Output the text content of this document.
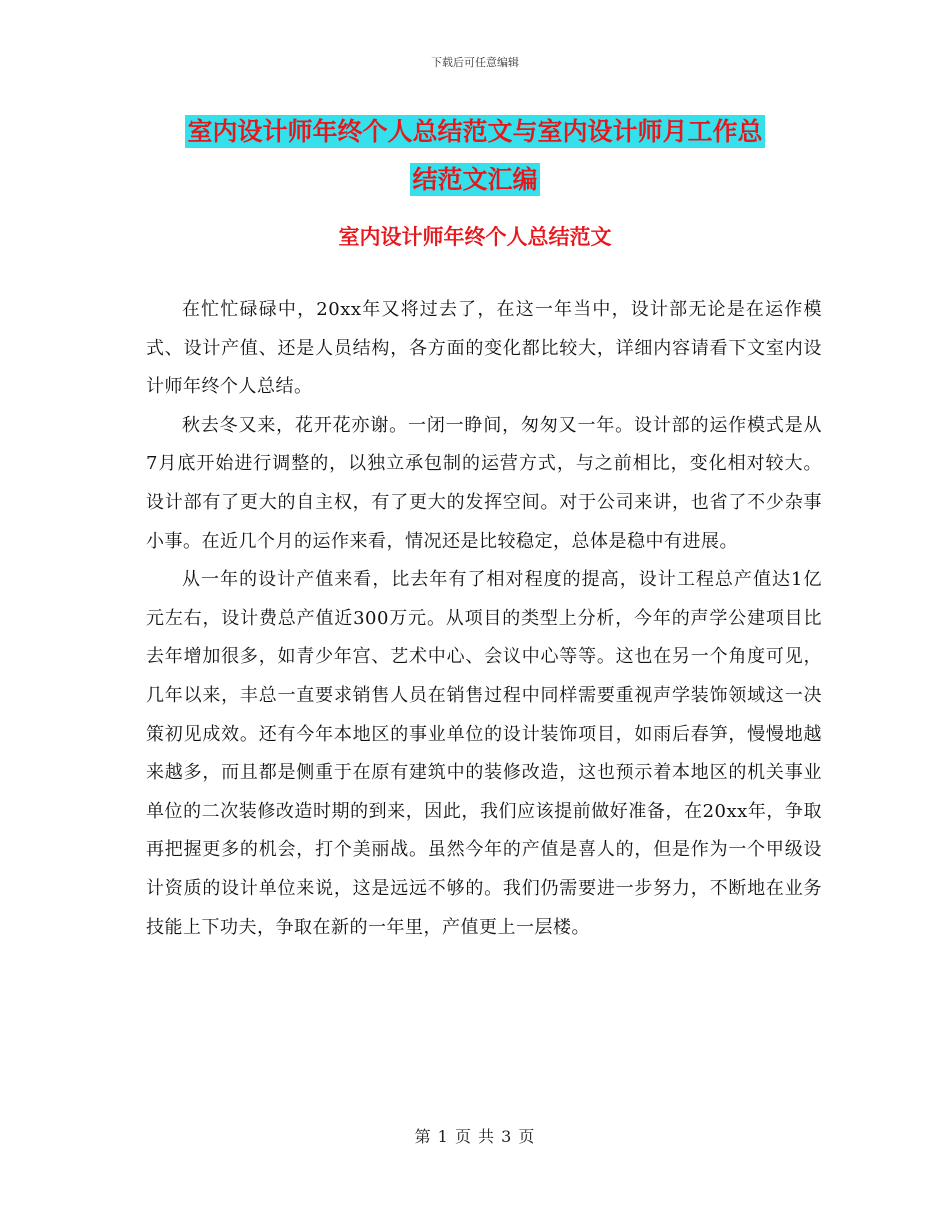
下载后可任意编辑
室内设计师年终个人总结范文与室内设计师月工作总
结范文汇编
室内设计师年终个人总结范文

在忙忙碌碌中，20xx年又将过去了，在这一年当中，设计部无论是在运作模式、设计产值、还是人员结构，各方面的变化都比较大，详细内容请看下文室内设计师年终个人总结。

秋去冬又来，花开花亦谢。一闭一睁间，匆匆又一年。设计部的运作模式是从7月底开始进行调整的，以独立承包制的运营方式，与之前相比，变化相对较大。设计部有了更大的自主权，有了更大的发挥空间。对于公司来讲，也省了不少杂事小事。在近几个月的运作来看，情况还是比较稳定，总体是稳中有进展。

从一年的设计产值来看，比去年有了相对程度的提高，设计工程总产值达1亿元左右，设计费总产值近300万元。从项目的类型上分析，今年的声学公建项目比去年增加很多，如青少年宫、艺术中心、会议中心等等。这也在另一个角度可见，几年以来，丰总一直要求销售人员在销售过程中同样需要重视声学装饰领域这一决策初见成效。还有今年本地区的事业单位的设计装饰项目，如雨后春笋，慢慢地越来越多，而且都是侧重于在原有建筑中的装修改造，这也预示着本地区的机关事业单位的二次装修改造时期的到来，因此，我们应该提前做好准备，在20xx年，争取再把握更多的机会，打个美丽战。虽然今年的产值是喜人的，但是作为一个甲级设计资质的设计单位来说，这是远远不够的。我们仍需要进一步努力，不断地在业务技能上下功夫，争取在新的一年里，产值更上一层楼。

第 1 页 共 3 页
